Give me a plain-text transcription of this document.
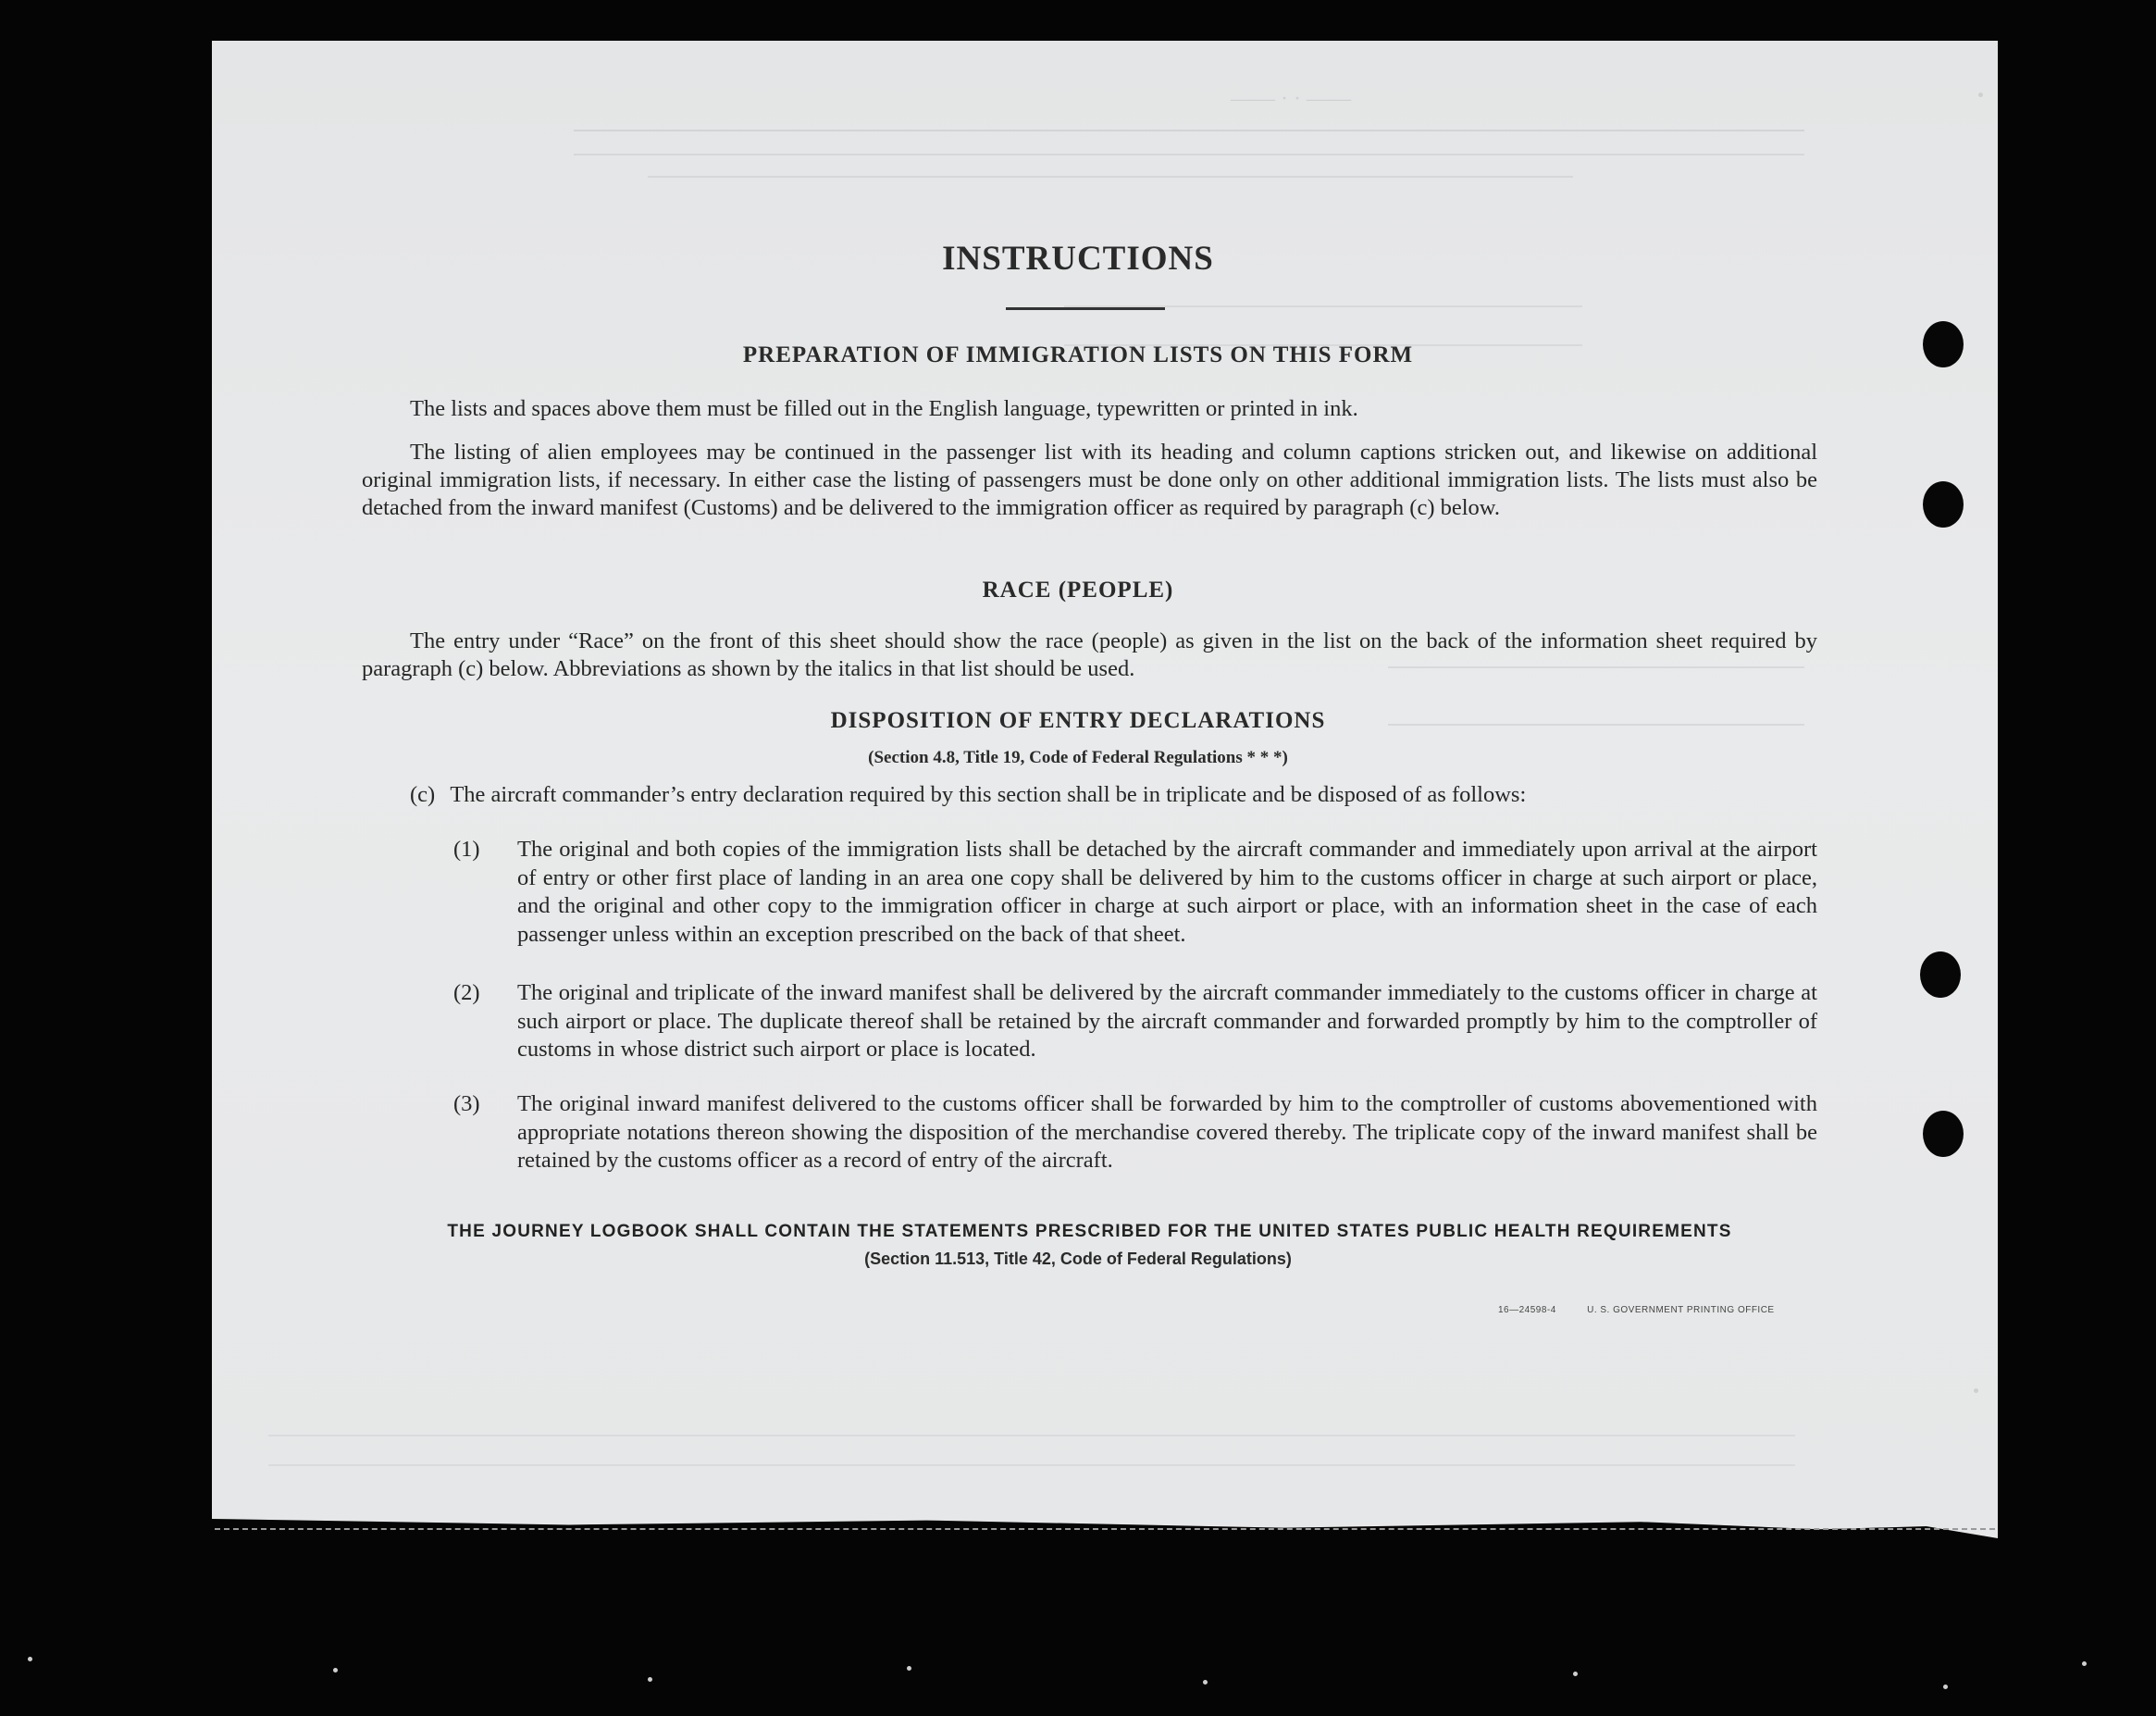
—— · · ——
INSTRUCTIONS
PREPARATION OF IMMIGRATION LISTS ON THIS FORM
The lists and spaces above them must be filled out in the English language, typewritten or printed in ink.
The listing of alien employees may be continued in the passenger list with its heading and column captions stricken out, and likewise on additional original immigration lists, if necessary. In either case the listing of passengers must be done only on other additional immigration lists. The lists must also be detached from the inward manifest (Customs) and be delivered to the immigration officer as required by paragraph (c) below.
RACE (PEOPLE)
The entry under “Race” on the front of this sheet should show the race (people) as given in the list on the back of the information sheet required by paragraph (c) below. Abbreviations as shown by the italics in that list should be used.
DISPOSITION OF ENTRY DECLARATIONS
(Section 4.8, Title 19, Code of Federal Regulations * * *)
(c) The aircraft commander’s entry declaration required by this section shall be in triplicate and be disposed of as follows:
(1) The original and both copies of the immigration lists shall be detached by the aircraft commander and immediately upon arrival at the airport of entry or other first place of landing in an area one copy shall be delivered by him to the customs officer in charge at such airport or place, and the original and other copy to the immigration officer in charge at such airport or place, with an information sheet in the case of each passenger unless within an exception prescribed on the back of that sheet.
(2) The original and triplicate of the inward manifest shall be delivered by the aircraft commander immediately to the customs officer in charge at such airport or place. The duplicate thereof shall be retained by the aircraft commander and forwarded promptly by him to the comptroller of customs in whose district such airport or place is located.
(3) The original inward manifest delivered to the customs officer shall be forwarded by him to the comptroller of customs abovementioned with appropriate notations thereon showing the disposition of the merchandise covered thereby. The triplicate copy of the inward manifest shall be retained by the customs officer as a record of entry of the aircraft.
THE JOURNEY LOGBOOK SHALL CONTAIN THE STATEMENTS PRESCRIBED FOR THE UNITED STATES PUBLIC HEALTH REQUIREMENTS
(Section 11.513, Title 42, Code of Federal Regulations)
16—24598-4	U. S. GOVERNMENT PRINTING OFFICE
